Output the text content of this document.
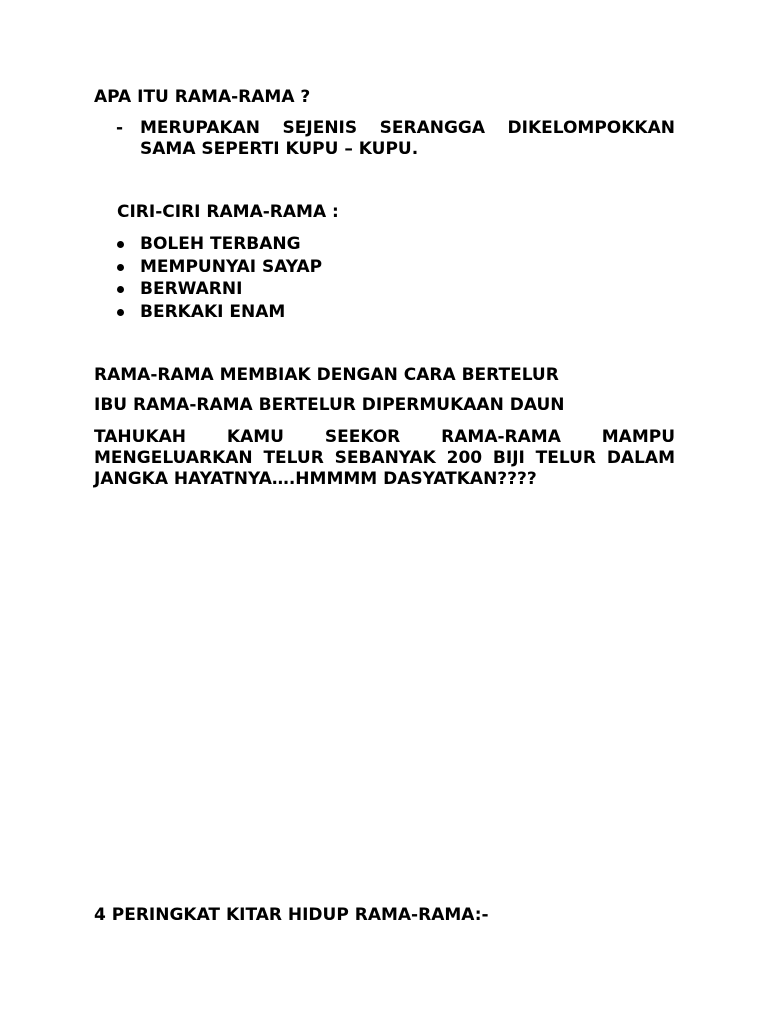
APA ITU RAMA-RAMA ?
- MERUPAKAN SEJENIS SERANGGA DIKELOMPOKKAN SAMA SEPERTI KUPU – KUPU.
CIRI-CIRI RAMA-RAMA :
BOLEH TERBANG
MEMPUNYAI SAYAP
BERWARNI
BERKAKI ENAM
RAMA-RAMA MEMBIAK DENGAN CARA BERTELUR
IBU RAMA-RAMA BERTELUR DIPERMUKAAN DAUN
TAHUKAH KAMU SEEKOR RAMA-RAMA MAMPU MENGELUARKAN TELUR SEBANYAK 200 BIJI TELUR DALAM JANGKA HAYATNYA….HMMMM DASYATKAN????
4 PERINGKAT KITAR HIDUP RAMA-RAMA:-
